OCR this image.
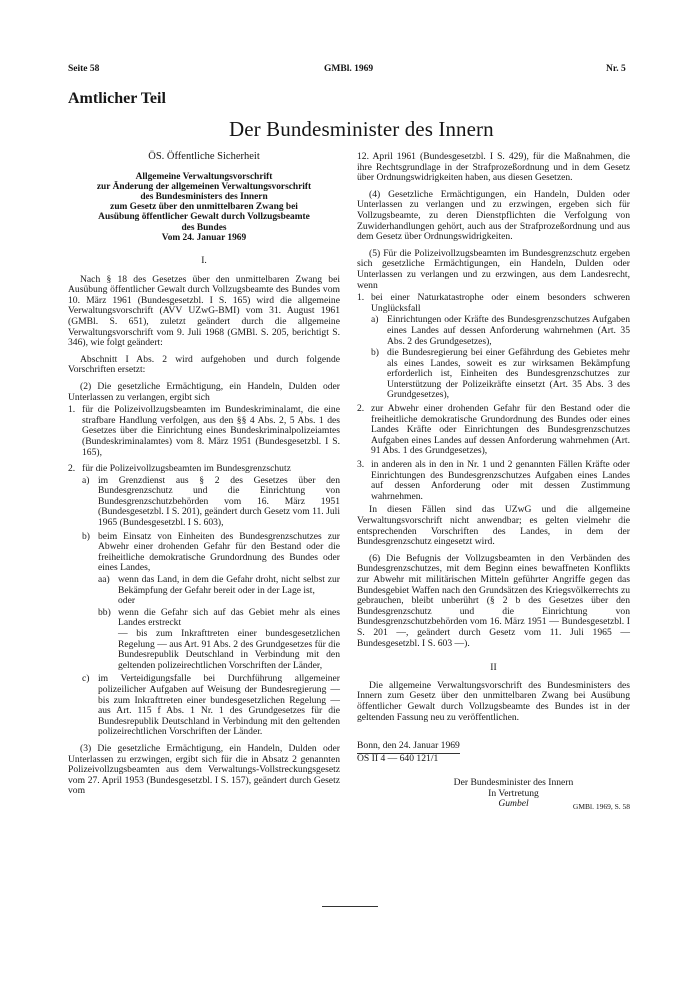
Seite 58	GMBl. 1969	Nr. 5
Amtlicher Teil
Der Bundesminister des Innern
ÖS. Öffentliche Sicherheit
Allgemeine Verwaltungsvorschrift
zur Änderung der allgemeinen Verwaltungsvorschrift
des Bundesministers des Innern
zum Gesetz über den unmittelbaren Zwang bei
Ausübung öffentlicher Gewalt durch Vollzugsbeamte
des Bundes
Vom 24. Januar 1969
I.

Nach § 18 des Gesetzes über den unmittelbaren Zwang bei Ausübung öffentlicher Gewalt durch Vollzugsbeamte des Bundes vom 10. März 1961 (Bundesgesetzbl. I S. 165) wird die allgemeine Verwaltungsvorschrift (AVV UZwG-BMI) vom 31. August 1961 (GMBl. S. 651), zuletzt geändert durch die allgemeine Verwaltungsvorschrift vom 9. Juli 1968 (GMBl. S. 205, berichtigt S. 346), wie folgt geändert:

Abschnitt I Abs. 2 wird aufgehoben und durch folgende Vorschriften ersetzt:

(2) Die gesetzliche Ermächtigung, ein Handeln, Dulden oder Unterlassen zu verlangen, ergibt sich

1. für die Polizeivollzugsbeamten im Bundeskriminalamt, die eine strafbare Handlung verfolgen, aus den §§ 4 Abs. 2, 5 Abs. 1 des Gesetzes über die Einrichtung eines Bundeskriminalpolizeiamtes (Bundeskriminalamtes) vom 8. März 1951 (Bundesgesetzbl. I S. 165),
2. für die Polizeivollzugsbeamten im Bundesgrenzschutz
a) im Grenzdienst aus § 2 des Gesetzes über den Bundesgrenzschutz und die Einrichtung von Bundesgrenzschutzbehörden vom 16. März 1951 (Bundesgesetzbl. I S. 201), geändert durch Gesetz vom 11. Juli 1965 (Bundesgesetzbl. I S. 603),
b) beim Einsatz von Einheiten des Bundesgrenzschutzes zur Abwehr einer drohenden Gefahr für den Bestand oder die freiheitliche demokratische Grundordnung des Bundes oder eines Landes,
aa) wenn das Land, in dem die Gefahr droht, nicht selbst zur Bekämpfung der Gefahr bereit oder in der Lage ist,
oder
bb) wenn die Gefahr sich auf das Gebiet mehr als eines Landes erstreckt
— bis zum Inkrafttreten einer bundesgesetzlichen Regelung — aus Art. 91 Abs. 2 des Grundgesetzes für die Bundesrepublik Deutschland in Verbindung mit den geltenden polizeirechtlichen Vorschriften der Länder,
c) im Verteidigungsfalle bei Durchführung allgemeiner polizeilicher Aufgaben auf Weisung der Bundesregierung — bis zum Inkrafttreten einer bundesgesetzlichen Regelung — aus Art. 115 f Abs. 1 Nr. 1 des Grundgesetzes für die Bundesrepublik Deutschland in Verbindung mit den geltenden polizeirechtlichen Vorschriften der Länder.

(3) Die gesetzliche Ermächtigung, ein Handeln, Dulden oder Unterlassen zu erzwingen, ergibt sich für die in Absatz 2 genannten Polizeivollzugsbeamten aus dem Verwaltungs-Vollstreckungsgesetz vom 27. April 1953 (Bundesgesetzbl. I S. 157), geändert durch Gesetz vom

12. April 1961 (Bundesgesetzbl. I S. 429), für die Maßnahmen, die ihre Rechtsgrundlage in der Strafprozeßordnung und in dem Gesetz über Ordnungswidrigkeiten haben, aus diesen Gesetzen.

(4) Gesetzliche Ermächtigungen, ein Handeln, Dulden oder Unterlassen zu verlangen und zu erzwingen, ergeben sich für Vollzugsbeamte, zu deren Dienstpflichten die Verfolgung von Zuwiderhandlungen gehört, auch aus der Strafprozeßordnung und aus dem Gesetz über Ordnungswidrigkeiten.

(5) Für die Polizeivollzugsbeamten im Bundesgrenzschutz ergeben sich gesetzliche Ermächtigungen, ein Handeln, Dulden oder Unterlassen zu verlangen und zu erzwingen, aus dem Landesrecht, wenn

1. bei einer Naturkatastrophe oder einem besonders schweren Unglücksfall
a) Einrichtungen oder Kräfte des Bundesgrenzschutzes Aufgaben eines Landes auf dessen Anforderung wahrnehmen (Art. 35 Abs. 2 des Grundgesetzes),
b) die Bundesregierung bei einer Gefährdung des Gebietes mehr als eines Landes, soweit es zur wirksamen Bekämpfung erforderlich ist, Einheiten des Bundesgrenzschutzes zur Unterstützung der Polizeikräfte einsetzt (Art. 35 Abs. 3 des Grundgesetzes),
2. zur Abwehr einer drohenden Gefahr für den Bestand oder die freiheitliche demokratische Grundordnung des Bundes oder eines Landes Kräfte oder Einrichtungen des Bundesgrenzschutzes Aufgaben eines Landes auf dessen Anforderung wahrnehmen (Art. 91 Abs. 1 des Grundgesetzes),
3. in anderen als in den in Nr. 1 und 2 genannten Fällen Kräfte oder Einrichtungen des Bundesgrenzschutzes Aufgaben eines Landes auf dessen Anforderung oder mit dessen Zustimmung wahrnehmen.

In diesen Fällen sind das UZwG und die allgemeine Verwaltungsvorschrift nicht anwendbar; es gelten vielmehr die entsprechenden Vorschriften des Landes, in dem der Bundesgrenzschutz eingesetzt wird.

(6) Die Befugnis der Vollzugsbeamten in den Verbänden des Bundesgrenzschutzes, mit dem Beginn eines bewaffneten Konflikts zur Abwehr mit militärischen Mitteln geführter Angriffe gegen das Bundesgebiet Waffen nach den Grundsätzen des Kriegsvölkerrechts zu gebrauchen, bleibt unberührt (§ 2 b des Gesetzes über den Bundesgrenzschutz und die Einrichtung von Bundesgrenzschutzbehörden vom 16. März 1951 — Bundesgesetzbl. I S. 201 —, geändert durch Gesetz vom 11. Juli 1965 — Bundesgesetzbl. I S. 603 —).

II

Die allgemeine Verwaltungsvorschrift des Bundesministers des Innern zum Gesetz über den unmittelbaren Zwang bei Ausübung öffentlicher Gewalt durch Vollzugsbeamte des Bundes ist in der geltenden Fassung neu zu veröffentlichen.

Bonn, den 24. Januar 1969
ÖS II 4 — 640 121/1
Der Bundesminister des Innern
In Vertretung
Gumbel	GMBl. 1969, S. 58
